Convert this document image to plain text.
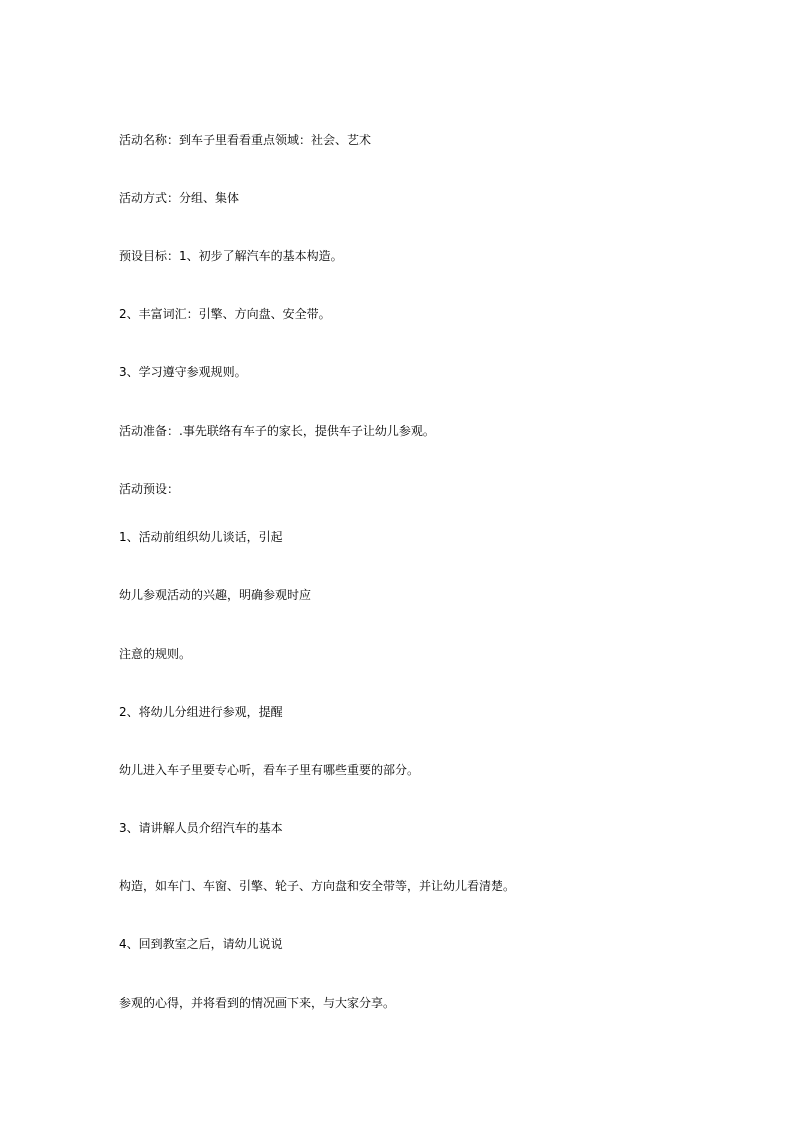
活动名称：到车子里看看重点领域：社会、艺术

活动方式：分组、集体

预设目标：1、初步了解汽车的基本构造。

2、丰富词汇：引擎、方向盘、安全带。

3、学习遵守参观规则。

活动准备：.事先联络有车子的家长，提供车子让幼儿参观。

活动预设：

1、活动前组织幼儿谈话，引起

幼儿参观活动的兴趣，明确参观时应

注意的规则。

2、将幼儿分组进行参观，提醒

幼儿进入车子里要专心听，看车子里有哪些重要的部分。

3、请讲解人员介绍汽车的基本

构造，如车门、车窗、引擎、轮子、方向盘和安全带等，并让幼儿看清楚。

4、回到教室之后，请幼儿说说

参观的心得，并将看到的情况画下来，与大家分享。
